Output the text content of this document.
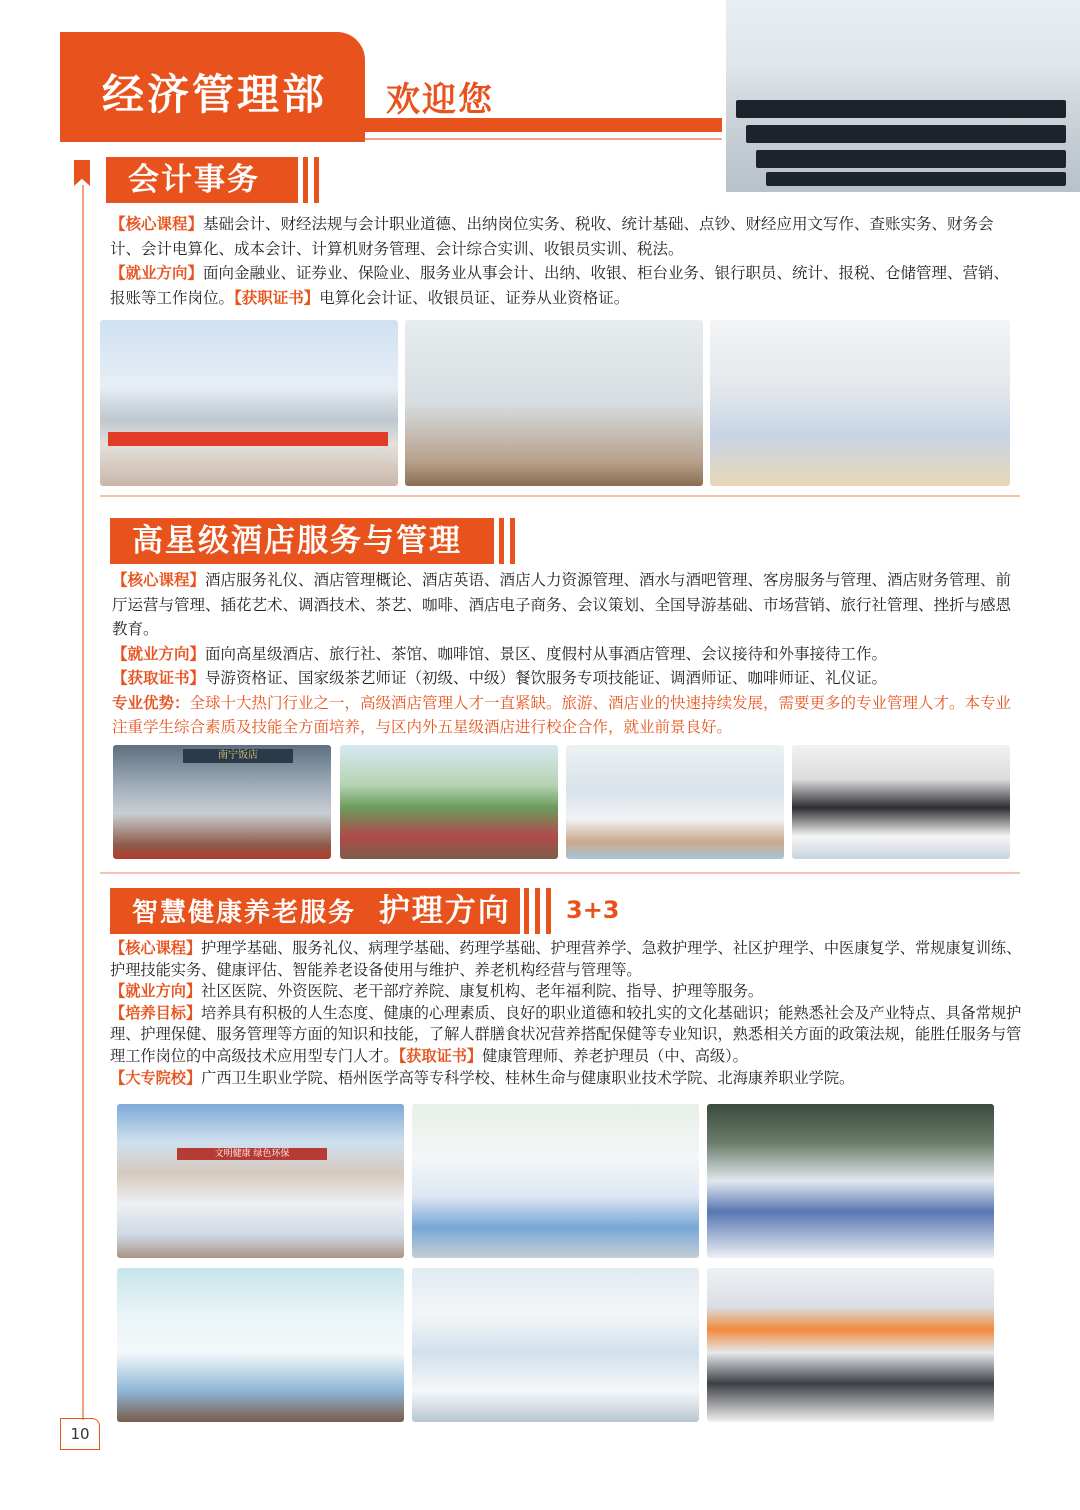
经济管理部 欢迎您
会计事务
【核心课程】基础会计、财经法规与会计职业道德、出纳岗位实务、税收、统计基础、点钞、财经应用文写作、查账实务、财务会计、会计电算化、成本会计、计算机财务管理、会计综合实训、收银员实训、税法。
【就业方向】面向金融业、证券业、保险业、服务业从事会计、出纳、收银、柜台业务、银行职员、统计、报税、仓储管理、营销、报账等工作岗位。【获职证书】电算化会计证、收银员证、证券从业资格证。
高星级酒店服务与管理
【核心课程】酒店服务礼仪、酒店管理概论、酒店英语、酒店人力资源管理、酒水与酒吧管理、客房服务与管理、酒店财务管理、前厅运营与管理、插花艺术、调酒技术、茶艺、咖啡、酒店电子商务、会议策划、全国导游基础、市场营销、旅行社管理、挫折与感恩教育。
【就业方向】面向高星级酒店、旅行社、茶馆、咖啡馆、景区、度假村从事酒店管理、会议接待和外事接待工作。
【获取证书】导游资格证、国家级茶艺师证（初级、中级）餐饮服务专项技能证、调酒师证、咖啡师证、礼仪证。
专业优势：全球十大热门行业之一，高级酒店管理人才一直紧缺。旅游、酒店业的快速持续发展，需要更多的专业管理人才。本专业注重学生综合素质及技能全方面培养，与区内外五星级酒店进行校企合作，就业前景良好。
南宁饭店
智慧健康养老服务 护理方向	3+3
【核心课程】护理学基础、服务礼仪、病理学基础、药理学基础、护理营养学、急救护理学、社区护理学、中医康复学、常规康复训练、护理技能实务、健康评估、智能养老设备使用与维护、养老机构经营与管理等。
【就业方向】社区医院、外资医院、老干部疗养院、康复机构、老年福利院、指导、护理等服务。
【培养目标】培养具有积极的人生态度、健康的心理素质、良好的职业道德和较扎实的文化基础识；能熟悉社会及产业特点、具备常规护理、护理保健、服务管理等方面的知识和技能，了解人群膳食状况营养搭配保健等专业知识，熟悉相关方面的政策法规，能胜任服务与管理工作岗位的中高级技术应用型专门人才。【获取证书】健康管理师、养老护理员（中、高级）。
【大专院校】广西卫生职业学院、梧州医学高等专科学校、桂林生命与健康职业技术学院、北海康养职业学院。
文明健康 绿色环保
10
